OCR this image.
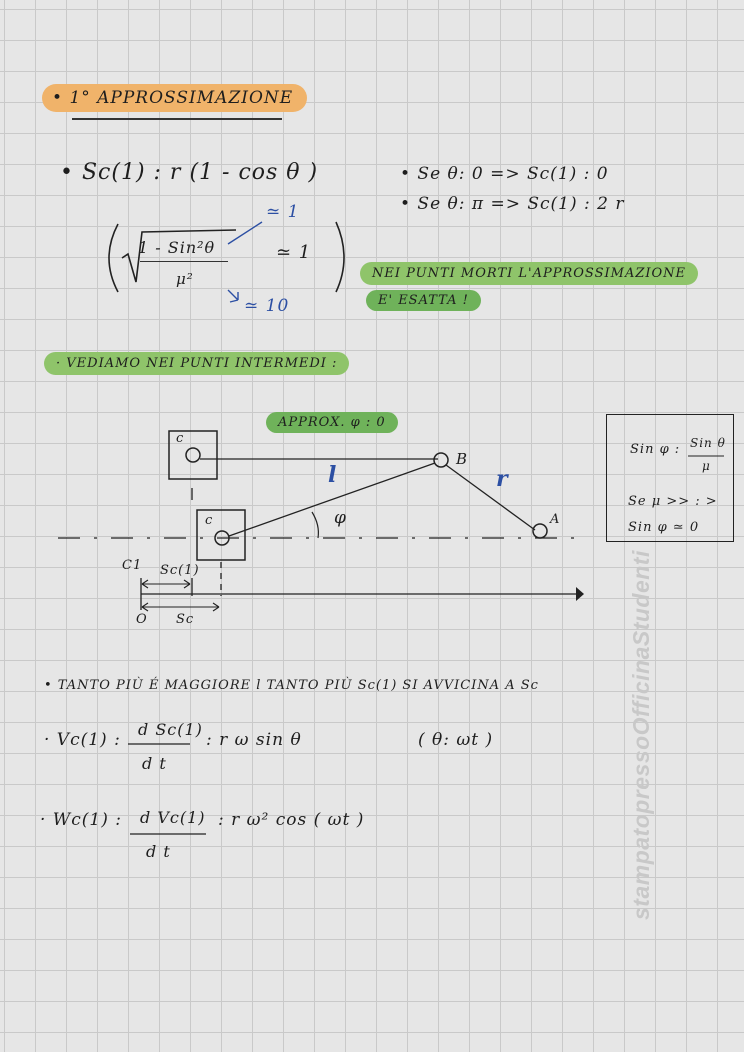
• 1° APPROSSIMAZIONE
• Sc(1) : r (1 - cos θ )	• Se θ: 0 => Sc(1) : 0
• Se θ: π => Sc(1) : 2 r
1 - Sin²θ
μ²
≃ 1
≃ 1
≃ 10
NEI PUNTI MORTI L'APPROSSIMAZIONE
E' ESATTA !
· VEDIAMO NEI PUNTI INTERMEDI :
APPROX. φ : 0
c
c
B
A
l	r
φ
C1 Sc(1)
O Sc
Sin φ : Sin θ
μ
Se μ >> : >
Sin φ ≃ 0
• TANTO PIÙ É MAGGIORE l TANTO PIÙ Sc(1) SI AVVICINA A Sc
· Vc(1) :
d Sc(1)
d t
: r ω sin θ	( θ: ωt )
· Wc(1) : d Vc(1)
d t
: r ω² cos ( ωt )	stampatopressoOfficinaStudenti
